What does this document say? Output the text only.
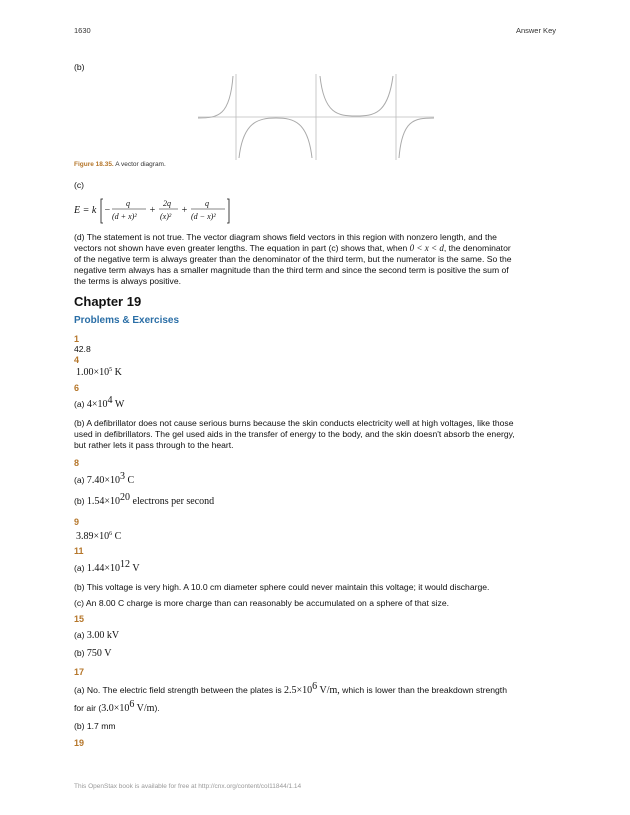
1630	Answer Key
(b)
Figure 18.35. A vector diagram.
(c)
E = k −
q
(d + x)²
+
2q
(x)²
+
q
(d − x)²
(d) The statement is not true. The vector diagram shows field vectors in this region with nonzero length, and the
vectors not shown have even greater lengths. The equation in part (c) shows that, when 0 < x < d, the denominator
of the negative term is always greater than the denominator of the third term, but the numerator is the same. So the
negative term always has a smaller magnitude than the third term and since the second term is positive the sum of
the terms is always positive.
Chapter 19
Problems & Exercises
1
42.8
4
$1.00\times 10^5$ K
6
(a) $4\times 10^4$ W
(b) A defibrillator does not cause serious burns because the skin conducts electricity well at high voltages, like those
used in defibrillators. The gel used aids in the transfer of energy to the body, and the skin doesn't absorb the energy,
but rather lets it pass through to the heart.
8
(a) $7.40\times 10^3$ C
(b) $1.54\times 10^{20}$ electrons per second
9
$3.89\times 10^6$ C
11
(a) $1.44\times 10^{12}$ V
(b) This voltage is very high. A 10.0 cm diameter sphere could never maintain this voltage; it would discharge.
(c) An 8.00 C charge is more charge than can reasonably be accumulated on a sphere of that size.
15
(a) 3.00 kV
(b) 750 V
17
(a) No. The electric field strength between the plates is $2.5\times 10^6$ V/m, which is lower than the breakdown strength
for air ($3.0\times 10^6$ V/m).
(b) 1.7 mm
19
This OpenStax book is available for free at http://cnx.org/content/col11844/1.14
